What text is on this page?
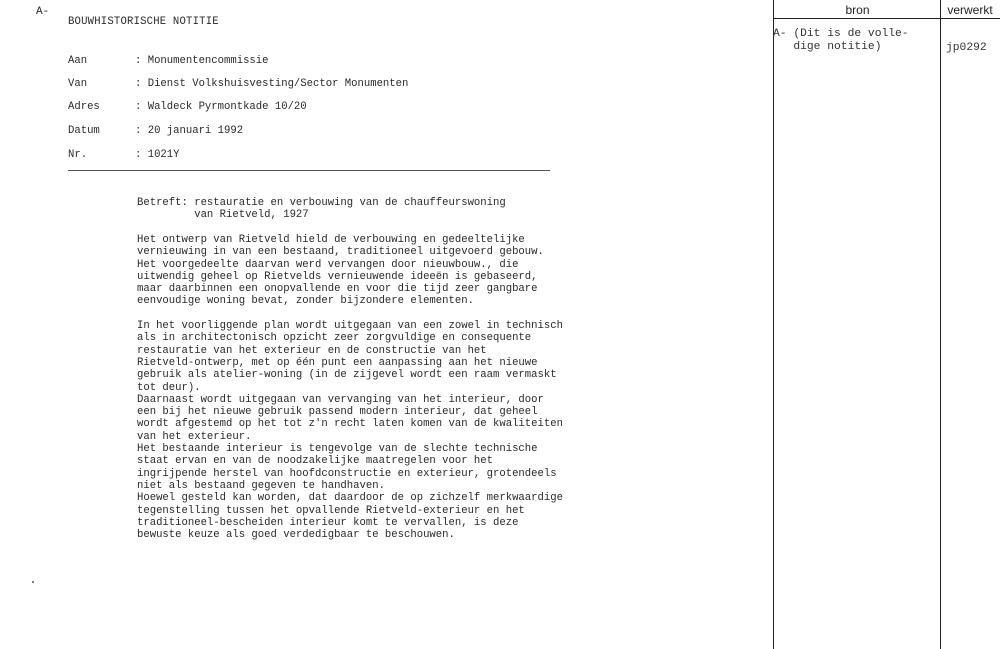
A-
BOUWHISTORISCHE NOTITIE
Aan	: Monumentencommissie
Van	: Dienst Volkshuisvesting/Sector Monumenten
Adres	: Waldeck Pyrmontkade 10/20
Datum	: 20 januari 1992
Nr.	: 1021Y
Betreft: restauratie en verbouwing van de chauffeurswoning
van Rietveld, 1927
Het ontwerp van Rietveld hield de verbouwing en gedeeltelijke
vernieuwing in van een bestaand, traditioneel uitgevoerd gebouw.
Het voorgedeelte daarvan werd vervangen door nieuwbouw., die
uitwendig geheel op Rietvelds vernieuwende ideeën is gebaseerd,
maar daarbinnen een onopvallende en voor die tijd zeer gangbare
eenvoudige woning bevat, zonder bijzondere elementen.

In het voorliggende plan wordt uitgegaan van een zowel in technisch
als in architectonisch opzicht zeer zorgvuldige en consequente
restauratie van het exterieur en de constructie van het
Rietveld-ontwerp, met op één punt een aanpassing aan het nieuwe
gebruik als atelier-woning (in de zijgevel wordt een raam vermaskt
tot deur).
Daarnaast wordt uitgegaan van vervanging van het interieur, door
een bij het nieuwe gebruik passend modern interieur, dat geheel
wordt afgestemd op het tot z'n recht laten komen van de kwaliteiten
van het exterieur.
Het bestaande interieur is tengevolge van de slechte technische
staat ervan en van de noodzakelijke maatregelen voor het
ingrijpende herstel van hoofdconstructie en exterieur, grotendeels
niet als bestaand gegeven te handhaven.
Hoewel gesteld kan worden, dat daardoor de op zichzelf merkwaardige
tegenstelling tussen het opvallende Rietveld-exterieur en het
traditioneel-bescheiden interieur komt te vervallen, is deze
bewuste keuze als goed verdedigbaar te beschouwen.
bron	verwerkt
A- (Dit is de volle-
dige notitie)	jp0292
